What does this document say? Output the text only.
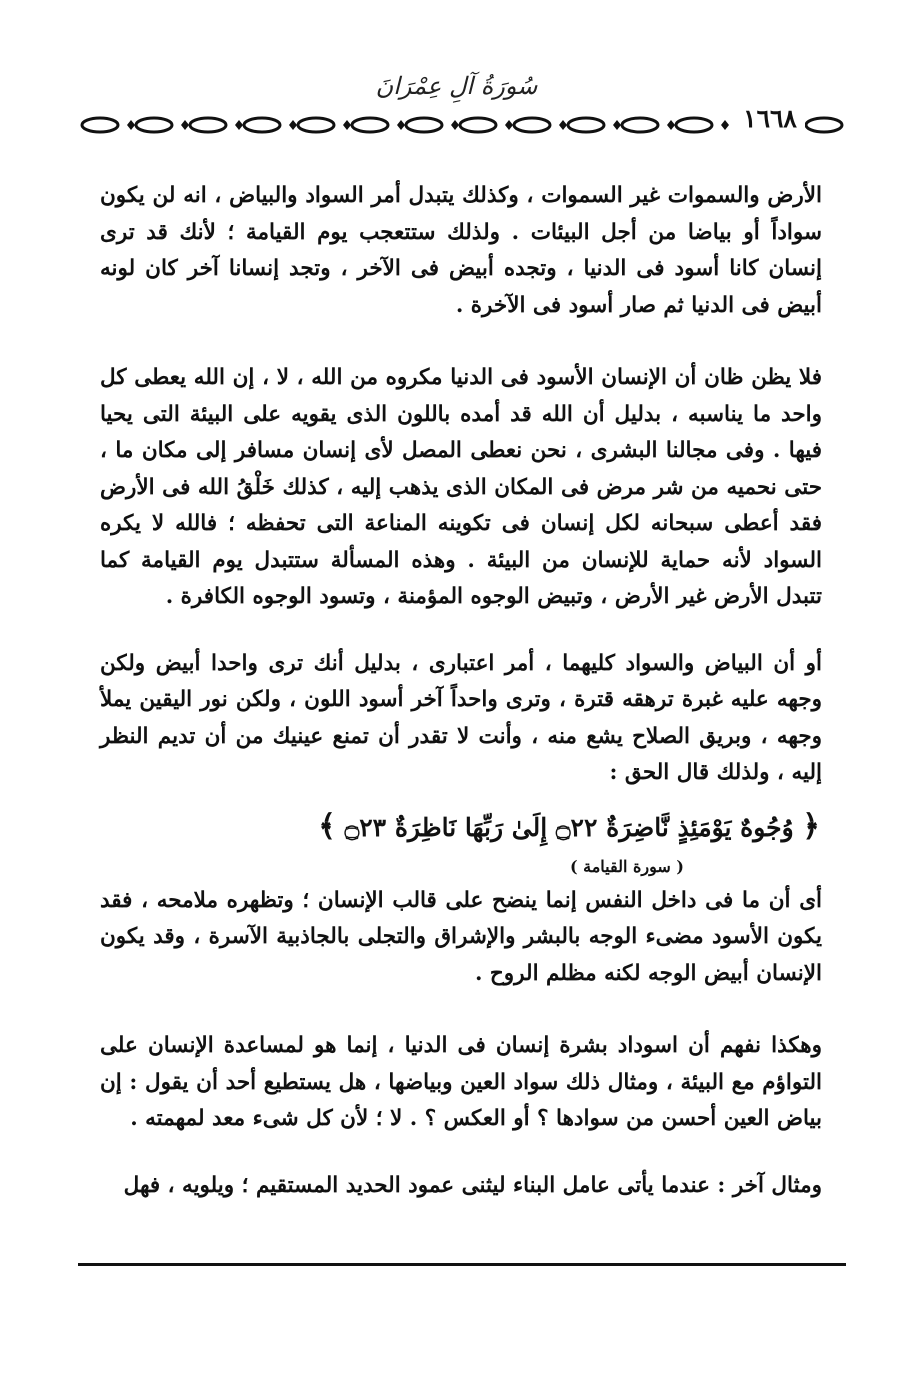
سُورَةُ آلِ عِمْرَانَ
١٦٦٨

الأرض والسموات غير السموات ، وكذلك يتبدل أمر السواد والبياض ، انه لن يكون سواداً أو بياضا من أجل البيئات . ولذلك ستتعجب يوم القيامة ؛ لأنك قد ترى إنسان كانا أسود فى الدنيا ، وتجده أبيض فى الآخر ، وتجد إنسانا آخر كان لونه أبيض فى الدنيا ثم صار أسود فى الآخرة .

فلا يظن ظان أن الإنسان الأسود فى الدنيا مكروه من الله ، لا ، إن الله يعطى كل واحد ما يناسبه ، بدليل أن الله قد أمده باللون الذى يقويه على البيئة التى يحيا فيها . وفى مجالنا البشرى ، نحن نعطى المصل لأى إنسان مسافر إلى مكان ما ، حتى نحميه من شر مرض فى المكان الذى يذهب إليه ، كذلك خَلْقُ الله فى الأرض فقد أعطى سبحانه لكل إنسان فى تكوينه المناعة التى تحفظه ؛ فالله لا يكره السواد لأنه حماية للإنسان من البيئة . وهذه المسألة ستتبدل يوم القيامة كما تتبدل الأرض غير الأرض ، وتبيض الوجوه المؤمنة ، وتسود الوجوه الكافرة .

أو أن البياض والسواد كليهما ، أمر اعتبارى ، بدليل أنك ترى واحدا أبيض ولكن وجهه عليه غبرة ترهقه قترة ، وترى واحداً آخر أسود اللون ، ولكن نور اليقين يملأ وجهه ، وبريق الصلاح يشع منه ، وأنت لا تقدر أن تمنع عينيك من أن تديم النظر إليه ، ولذلك قال الحق :

﴿ وُجُوهٌ يَوْمَئِذٍ نَّاضِرَةٌ ۝٢٢ إِلَىٰ رَبِّهَا نَاظِرَةٌ ۝٢٣ ﴾
( سورة القيامة )

أى أن ما فى داخل النفس إنما ينضح على قالب الإنسان ؛ وتظهره ملامحه ، فقد يكون الأسود مضىء الوجه بالبشر والإشراق والتجلى بالجاذبية الآسرة ، وقد يكون الإنسان أبيض الوجه لكنه مظلم الروح .

وهكذا نفهم أن اسوداد بشرة إنسان فى الدنيا ، إنما هو لمساعدة الإنسان على التواؤم مع البيئة ، ومثال ذلك سواد العين وبياضها ، هل يستطيع أحد أن يقول : إن بياض العين أحسن من سوادها ؟ أو العكس ؟ . لا ؛ لأن كل شىء معد لمهمته .

ومثال آخر : عندما يأتى عامل البناء ليثنى عمود الحديد المستقيم ؛ ويلويه ، فهل
